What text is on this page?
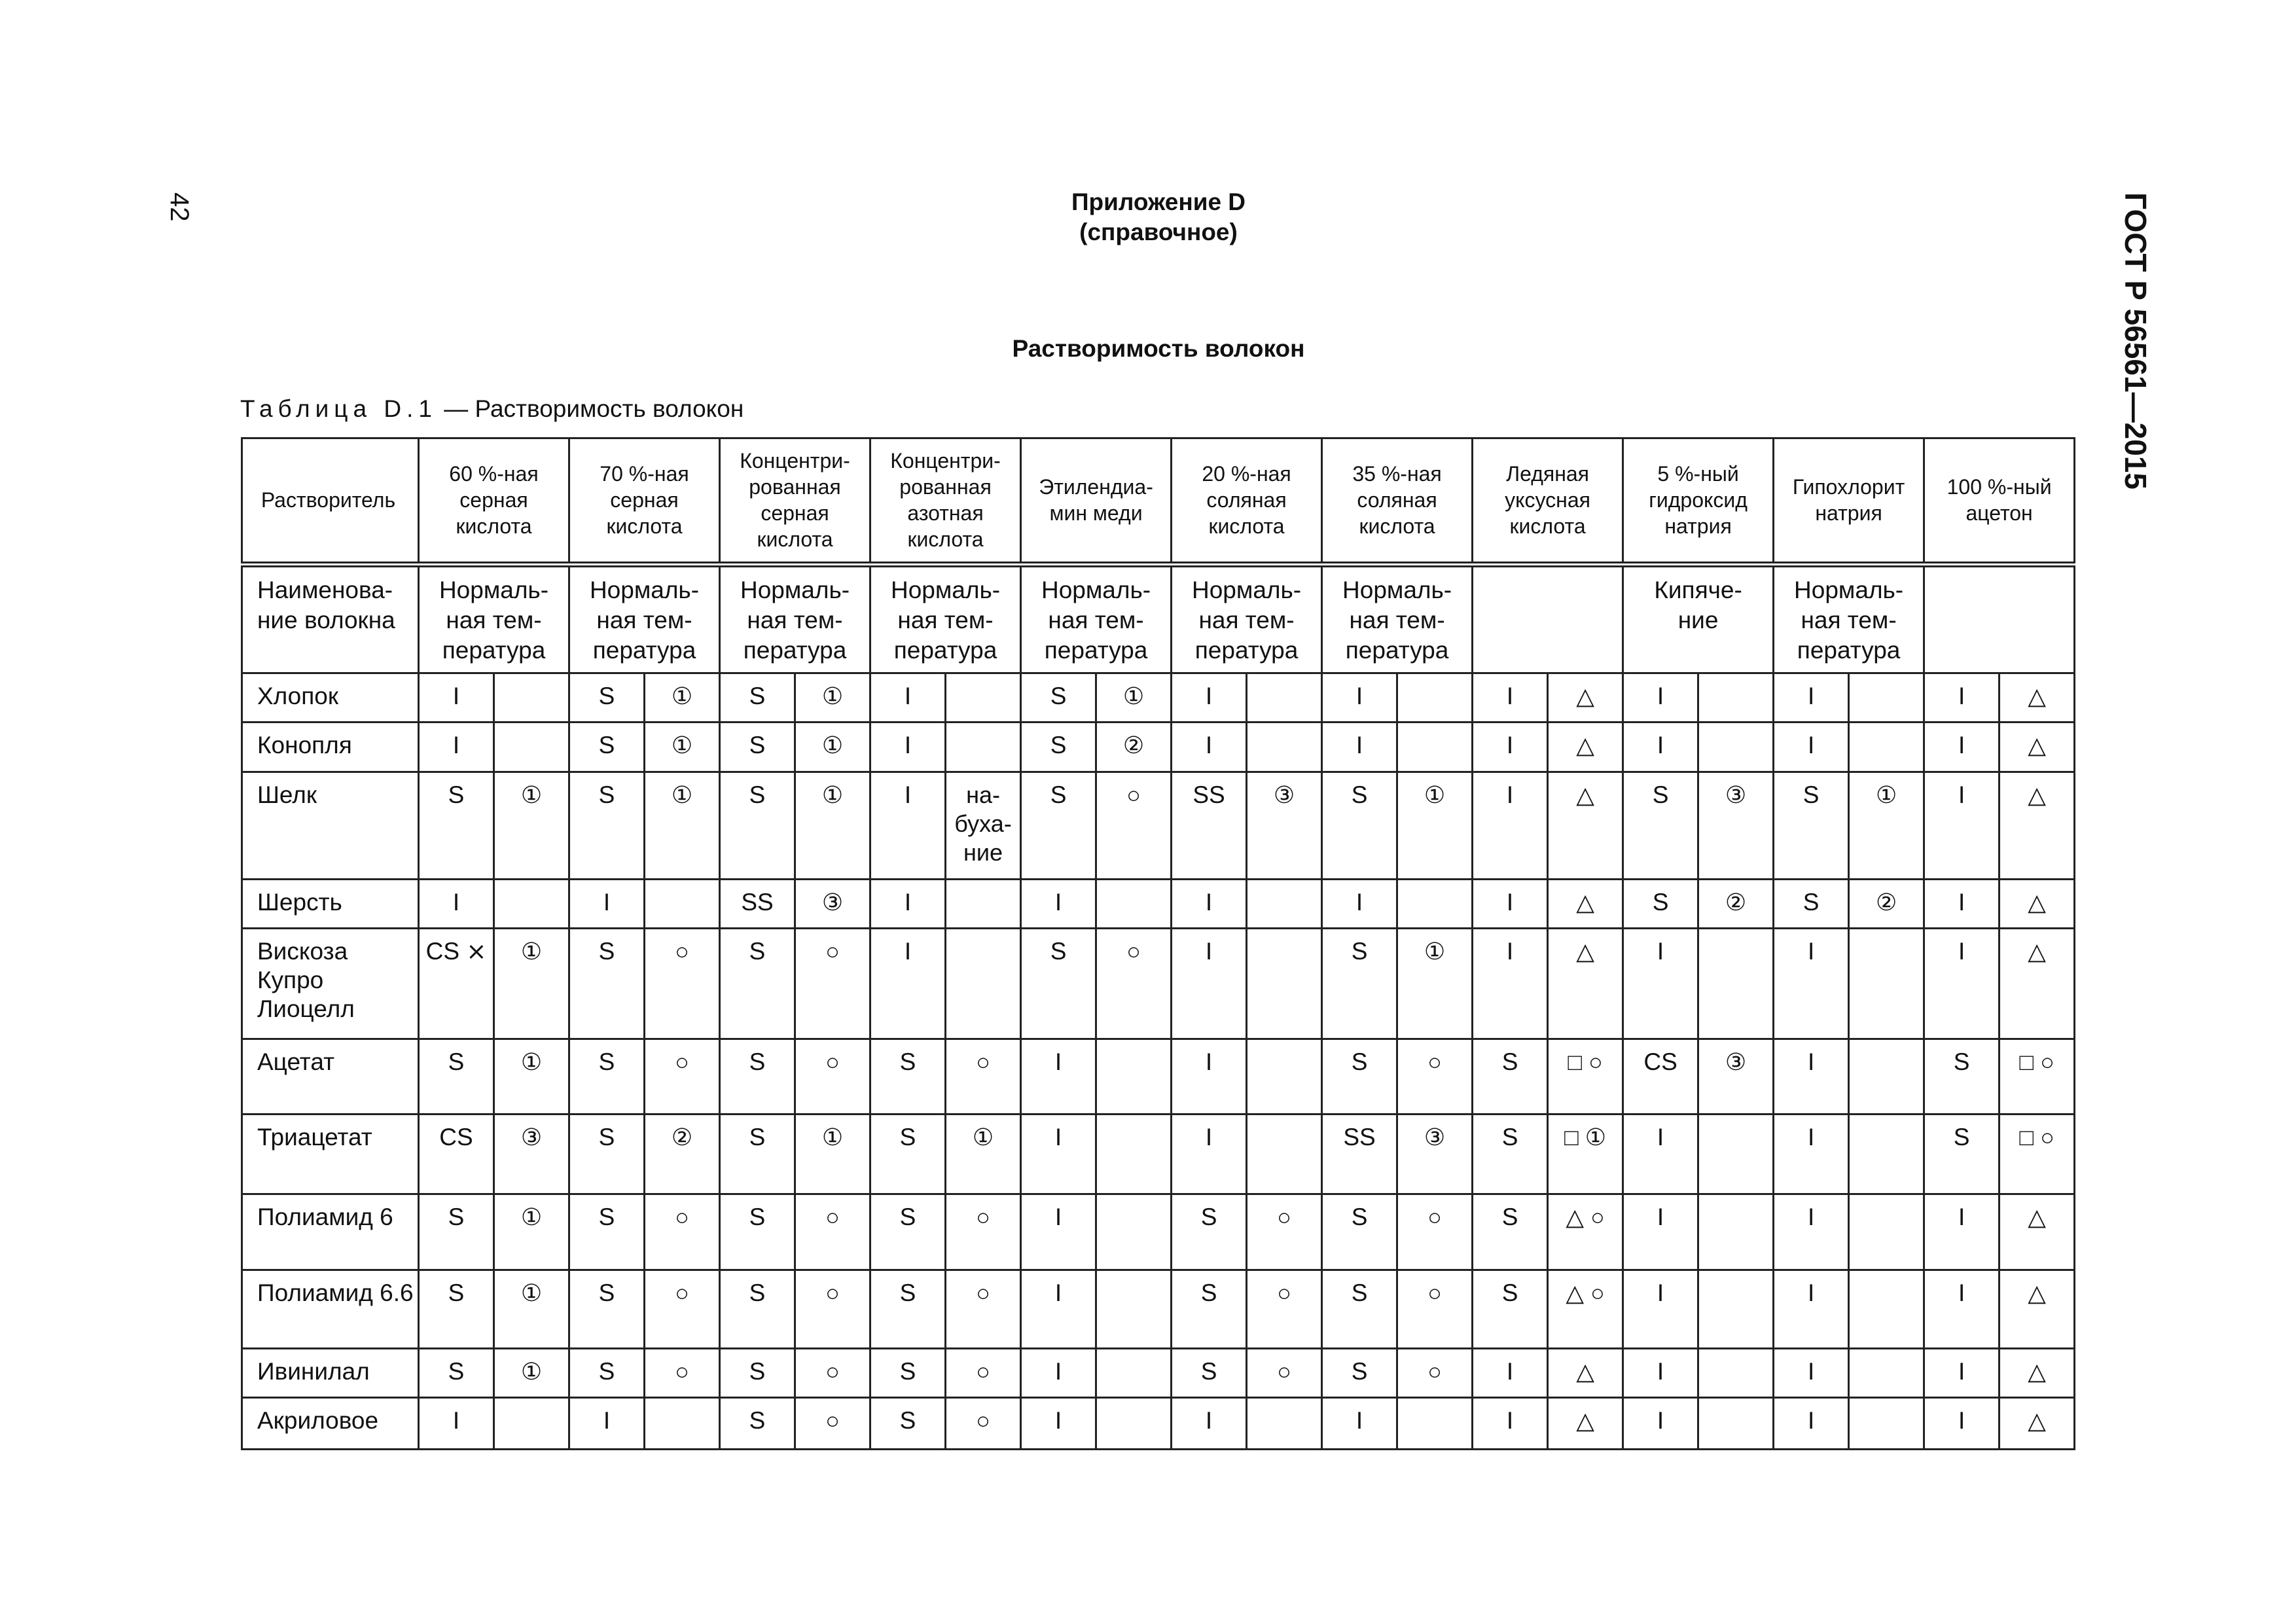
42	ГОСТ Р 56561—2015
Приложение D
(справочное)
Растворимость волокон
Таблица D.1 — Растворимость волокон
Растворитель	60 %-ная серная кислота		70 %-ная серная кислота		Концентри-рованная серная кислота		Концентри-рованная азотная кислота		Этилендиа-мин меди		20 %-ная соляная кислота		35 %-ная соляная кислота		Ледяная уксусная кислота		5 %-ный гидроксид натрия		Гипохлорит натрия		100 %-ный ацетон	
Наименова-ние волокна	Нормаль-ная тем-пература		Нормаль-ная тем-пература		Нормаль-ная тем-пература		Нормаль-ная тем-пература		Нормаль-ная тем-пература		Нормаль-ная тем-пература		Нормаль-ная тем-пература				Кипяче-ние		Нормаль-ная тем-пература			
Хлопок	I		S	①	S	①	I		S	①	I		I		I	△	I		I		I	△
Конопля	I		S	①	S	①	I		S	②	I		I		I	△	I		I		I	△
Шелк	S	①	S	①	S	①	I	на-буха-ние	S	○	SS	③	S	①	I	△	S	③	S	①	I	△
Шерсть	I		I		SS	③	I		I		I		I		I	△	S	②	S	②	I	△
Вискоза Купро Лиоцелл	CS ⨯	①	S	○	S	○	I		S	○	I		S	①	I	△	I		I		I	△
Ацетат	S	①	S	○	S	○	S	○	I		I		S	○	S	□ ○	CS	③	I		S	□ ○
Триацетат	CS	③	S	②	S	①	S	①	I		I		SS	③	S	□ ①	I		I		S	□ ○
Полиамид 6	S	①	S	○	S	○	S	○	I		S	○	S	○	S	△ ○	I		I		I	△
Полиамид 6.6	S	①	S	○	S	○	S	○	I		S	○	S	○	S	△ ○	I		I		I	△
Ивинилал	S	①	S	○	S	○	S	○	I		S	○	S	○	I	△	I		I		I	△
Акриловое	I		I		S	○	S	○	I		I		I		I	△	I		I		I	△
